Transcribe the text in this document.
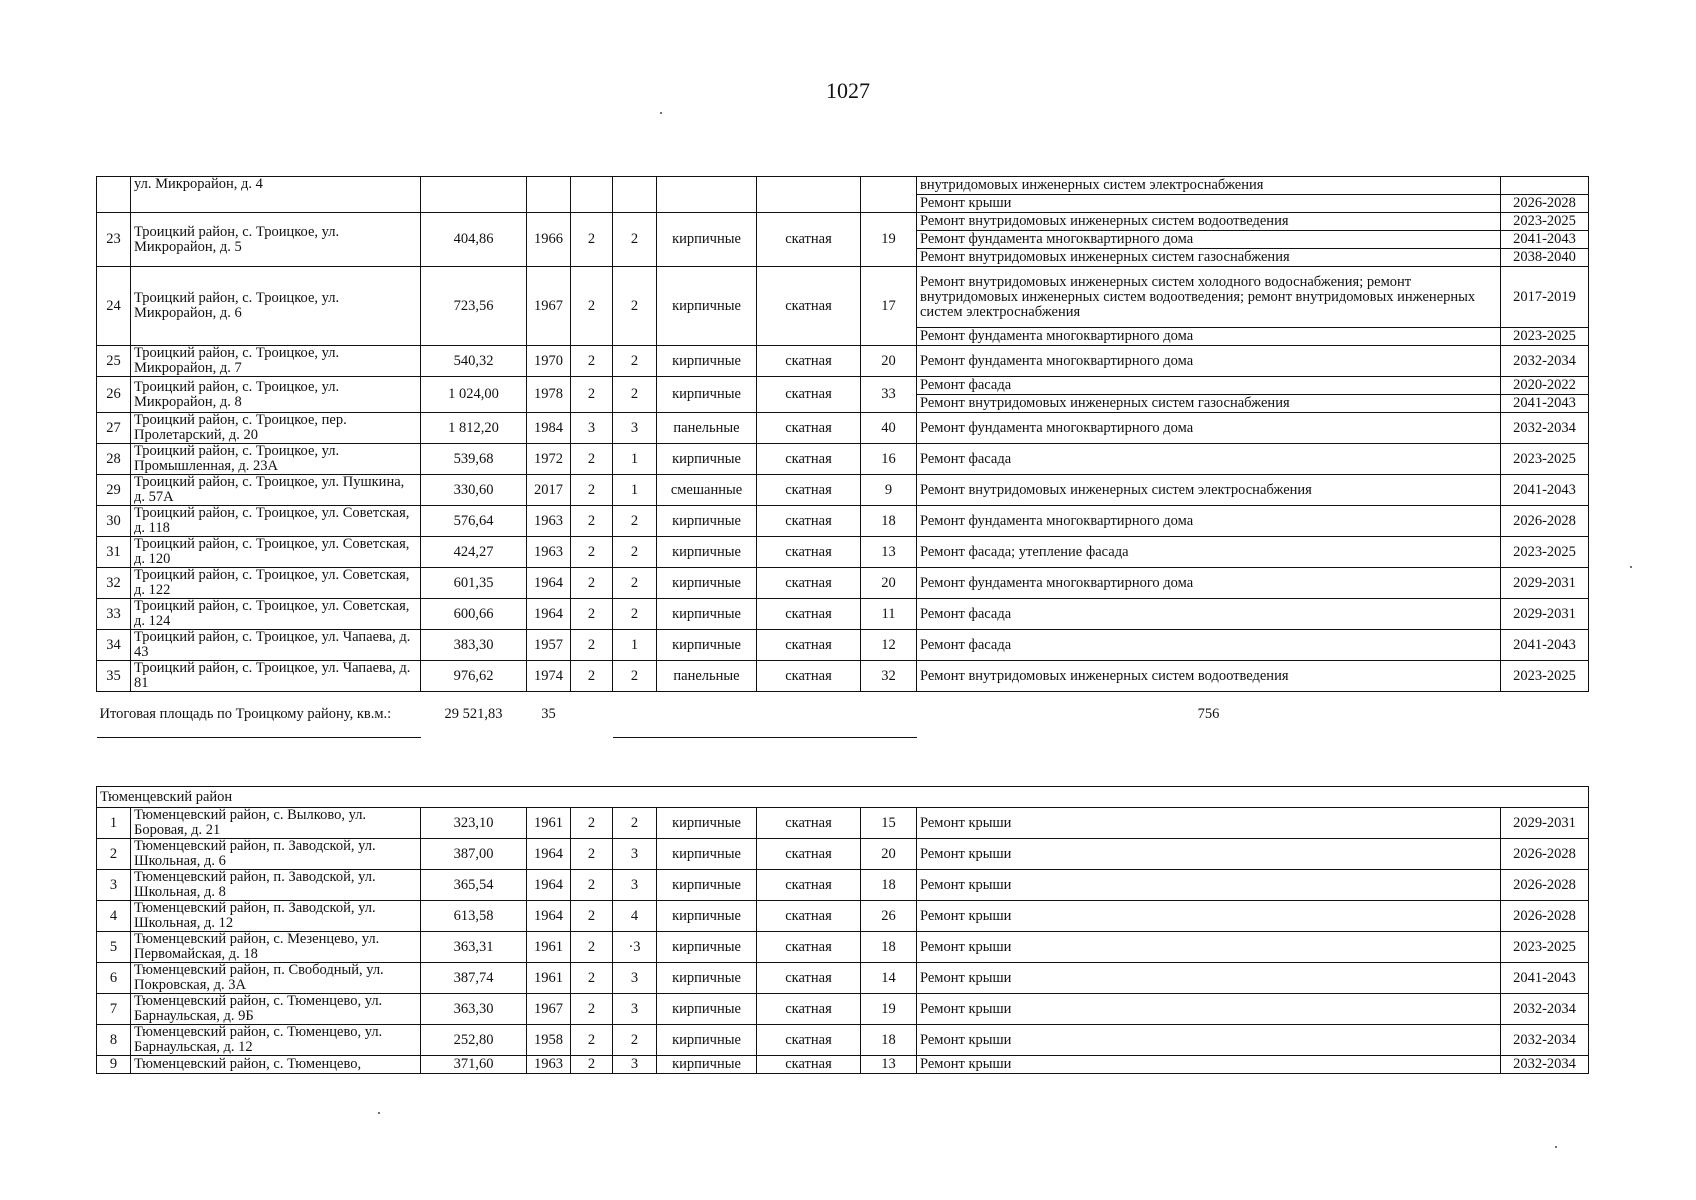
1027
	ул. Микрорайон, д. 4								внутридомовых инженерных систем электроснабжения	
									Ремонт крыши	2026-2028
23	Троицкий район, с. Троицкое, ул. Микрорайон, д. 5	404,86	1966	2	2	кирпичные	скатная	19	Ремонт внутридомовых инженерных систем водоотведения	2023-2025
									Ремонт фундамента многоквартирного дома	2041-2043
									Ремонт внутридомовых инженерных систем газоснабжения	2038-2040
24	Троицкий район, с. Троицкое, ул. Микрорайон, д. 6	723,56	1967	2	2	кирпичные	скатная	17	Ремонт внутридомовых инженерных систем холодного водоснабжения; ремонт внутридомовых инженерных систем водоотведения; ремонт внутридомовых инженерных систем электроснабжения	2017-2019
									Ремонт фундамента многоквартирного дома	2023-2025
25	Троицкий район, с. Троицкое, ул. Микрорайон, д. 7	540,32	1970	2	2	кирпичные	скатная	20	Ремонт фундамента многоквартирного дома	2032-2034
26	Троицкий район, с. Троицкое, ул. Микрорайон, д. 8	1 024,00	1978	2	2	кирпичные	скатная	33	Ремонт фасада	2020-2022
									Ремонт внутридомовых инженерных систем газоснабжения	2041-2043
27	Троицкий район, с. Троицкое, пер. Пролетарский, д. 20	1 812,20	1984	3	3	панельные	скатная	40	Ремонт фундамента многоквартирного дома	2032-2034
28	Троицкий район, с. Троицкое, ул. Промышленная, д. 23А	539,68	1972	2	1	кирпичные	скатная	16	Ремонт фасада	2023-2025
29	Троицкий район, с. Троицкое, ул. Пушкина, д. 57А	330,60	2017	2	1	смешанные	скатная	9	Ремонт внутридомовых инженерных систем электроснабжения	2041-2043
30	Троицкий район, с. Троицкое, ул. Советская, д. 118	576,64	1963	2	2	кирпичные	скатная	18	Ремонт фундамента многоквартирного дома	2026-2028
31	Троицкий район, с. Троицкое, ул. Советская, д. 120	424,27	1963	2	2	кирпичные	скатная	13	Ремонт фасада; утепление фасада	2023-2025
32	Троицкий район, с. Троицкое, ул. Советская, д. 122	601,35	1964	2	2	кирпичные	скатная	20	Ремонт фундамента многоквартирного дома	2029-2031
33	Троицкий район, с. Троицкое, ул. Советская, д. 124	600,66	1964	2	2	кирпичные	скатная	11	Ремонт фасада	2029-2031
34	Троицкий район, с. Троицкое, ул. Чапаева, д. 43	383,30	1957	2	1	кирпичные	скатная	12	Ремонт фасада	2041-2043
35	Троицкий район, с. Троицкое, ул. Чапаева, д. 81	976,62	1974	2	2	панельные	скатная	32	Ремонт внутридомовых инженерных систем водоотведения	2023-2025
Итоговая площадь по Троицкому району, кв.м.:		29 521,83	35						756	
Тюменцевский район										
1	Тюменцевский район, с. Вылково, ул. Боровая, д. 21	323,10	1961	2	2	кирпичные	скатная	15	Ремонт крыши	2029-2031
2	Тюменцевский район, п. Заводской, ул. Школьная, д. 6	387,00	1964	2	3	кирпичные	скатная	20	Ремонт крыши	2026-2028
3	Тюменцевский район, п. Заводской, ул. Школьная, д. 8	365,54	1964	2	3	кирпичные	скатная	18	Ремонт крыши	2026-2028
4	Тюменцевский район, п. Заводской, ул. Школьная, д. 12	613,58	1964	2	4	кирпичные	скатная	26	Ремонт крыши	2026-2028
5	Тюменцевский район, с. Мезенцево, ул. Первомайская, д. 18	363,31	1961	2	·3	кирпичные	скатная	18	Ремонт крыши	2023-2025
6	Тюменцевский район, п. Свободный, ул. Покровская, д. 3А	387,74	1961	2	3	кирпичные	скатная	14	Ремонт крыши	2041-2043
7	Тюменцевский район, с. Тюменцево, ул. Барнаульская, д. 9Б	363,30	1967	2	3	кирпичные	скатная	19	Ремонт крыши	2032-2034
8	Тюменцевский район, с. Тюменцево, ул. Барнаульская, д. 12	252,80	1958	2	2	кирпичные	скатная	18	Ремонт крыши	2032-2034
9	Тюменцевский район, с. Тюменцево,	371,60	1963	2	3	кирпичные	скатная	13	Ремонт крыши	2032-2034
